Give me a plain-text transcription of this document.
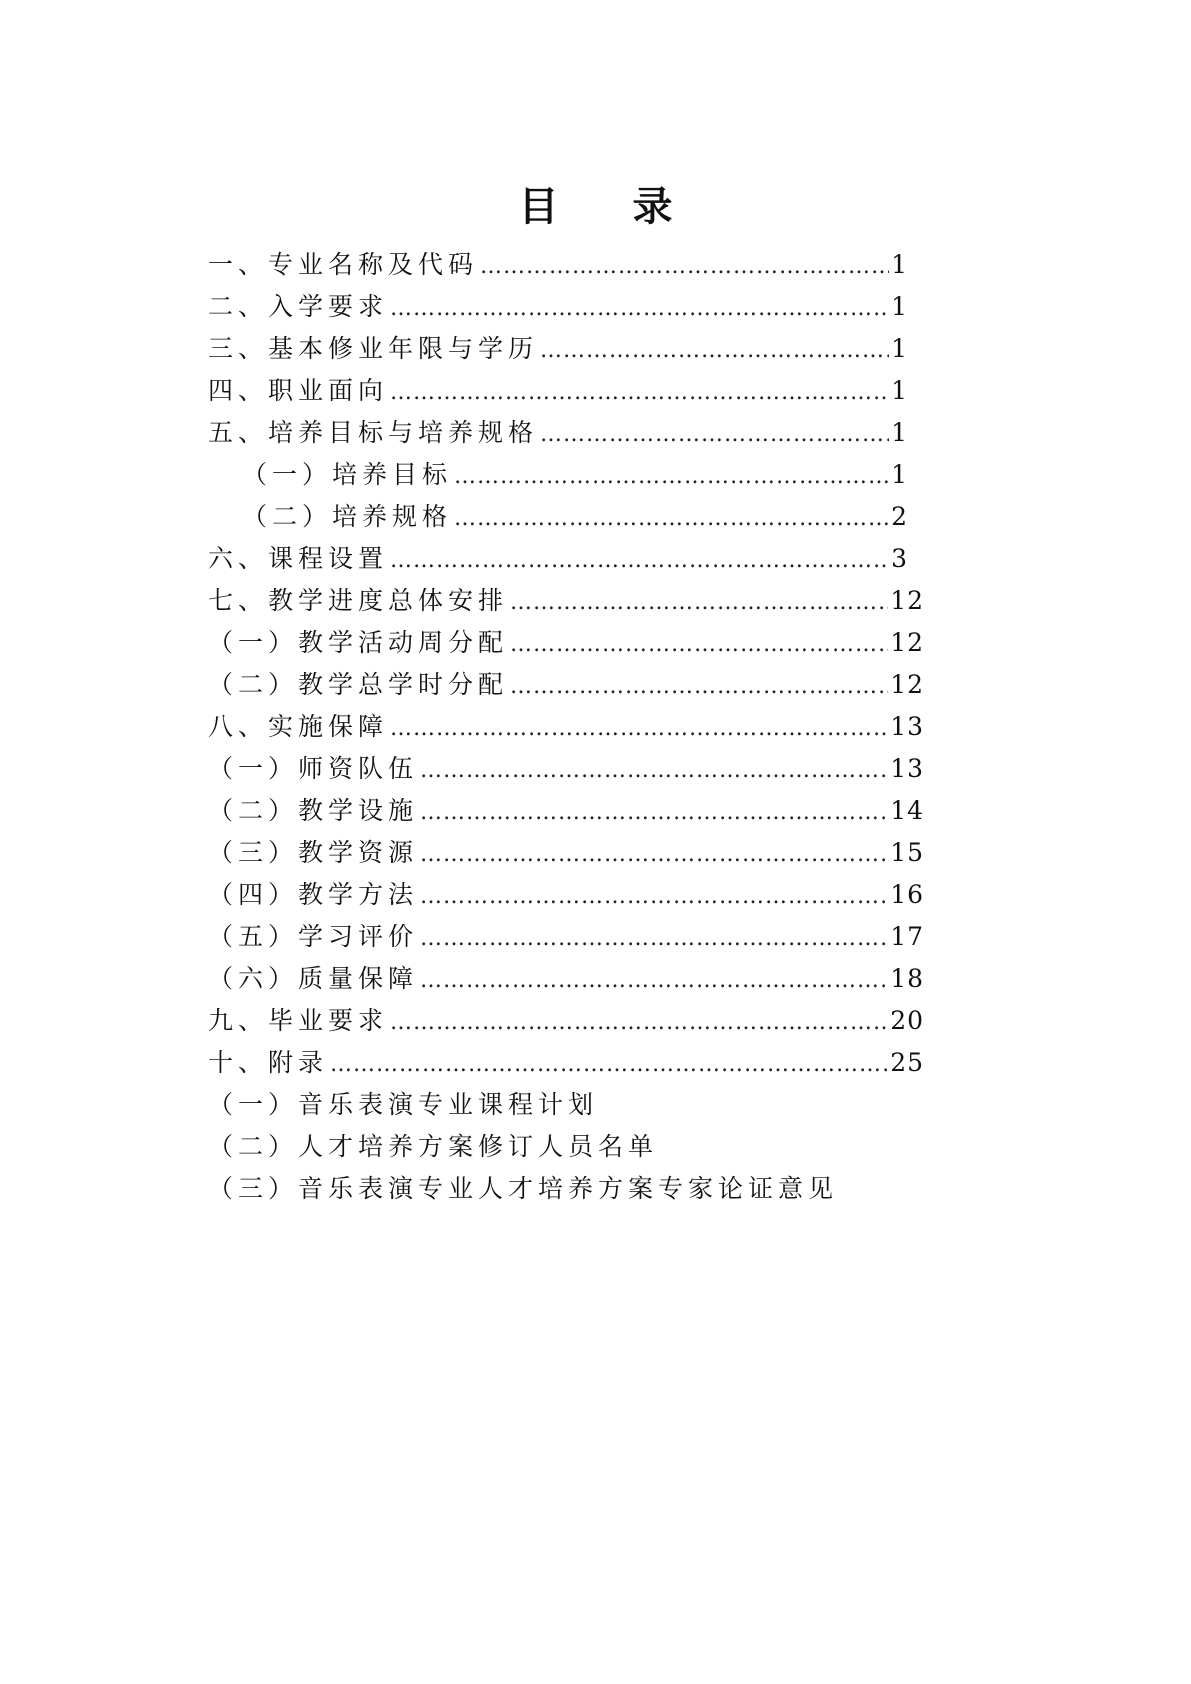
目 录
一、专业名称及代码 …………………………………………………………………………………………………………………………	1
二、入学要求 …………………………………………………………………………………………………………………………	1
三、基本修业年限与学历 …………………………………………………………………………………………………………………………	1
四、职业面向 …………………………………………………………………………………………………………………………	1
五、培养目标与培养规格 …………………………………………………………………………………………………………………………	1
（一）培养目标 …………………………………………………………………………………………………………………………	1
（二）培养规格 …………………………………………………………………………………………………………………………	2
六、课程设置 …………………………………………………………………………………………………………………………	3
七、教学进度总体安排 …………………………………………………………………………………………………………………………	12
（一）教学活动周分配 …………………………………………………………………………………………………………………………	12
（二）教学总学时分配 …………………………………………………………………………………………………………………………	12
八、实施保障 …………………………………………………………………………………………………………………………	13
（一）师资队伍 …………………………………………………………………………………………………………………………	13
（二）教学设施 …………………………………………………………………………………………………………………………	14
（三）教学资源 …………………………………………………………………………………………………………………………	15
（四）教学方法 …………………………………………………………………………………………………………………………	16
（五）学习评价 …………………………………………………………………………………………………………………………	17
（六）质量保障 …………………………………………………………………………………………………………………………	18
九、毕业要求 …………………………………………………………………………………………………………………………	20
十、附录 …………………………………………………………………………………………………………………………	25
（一）音乐表演专业课程计划
（二）人才培养方案修订人员名单
（三）音乐表演专业人才培养方案专家论证意见
